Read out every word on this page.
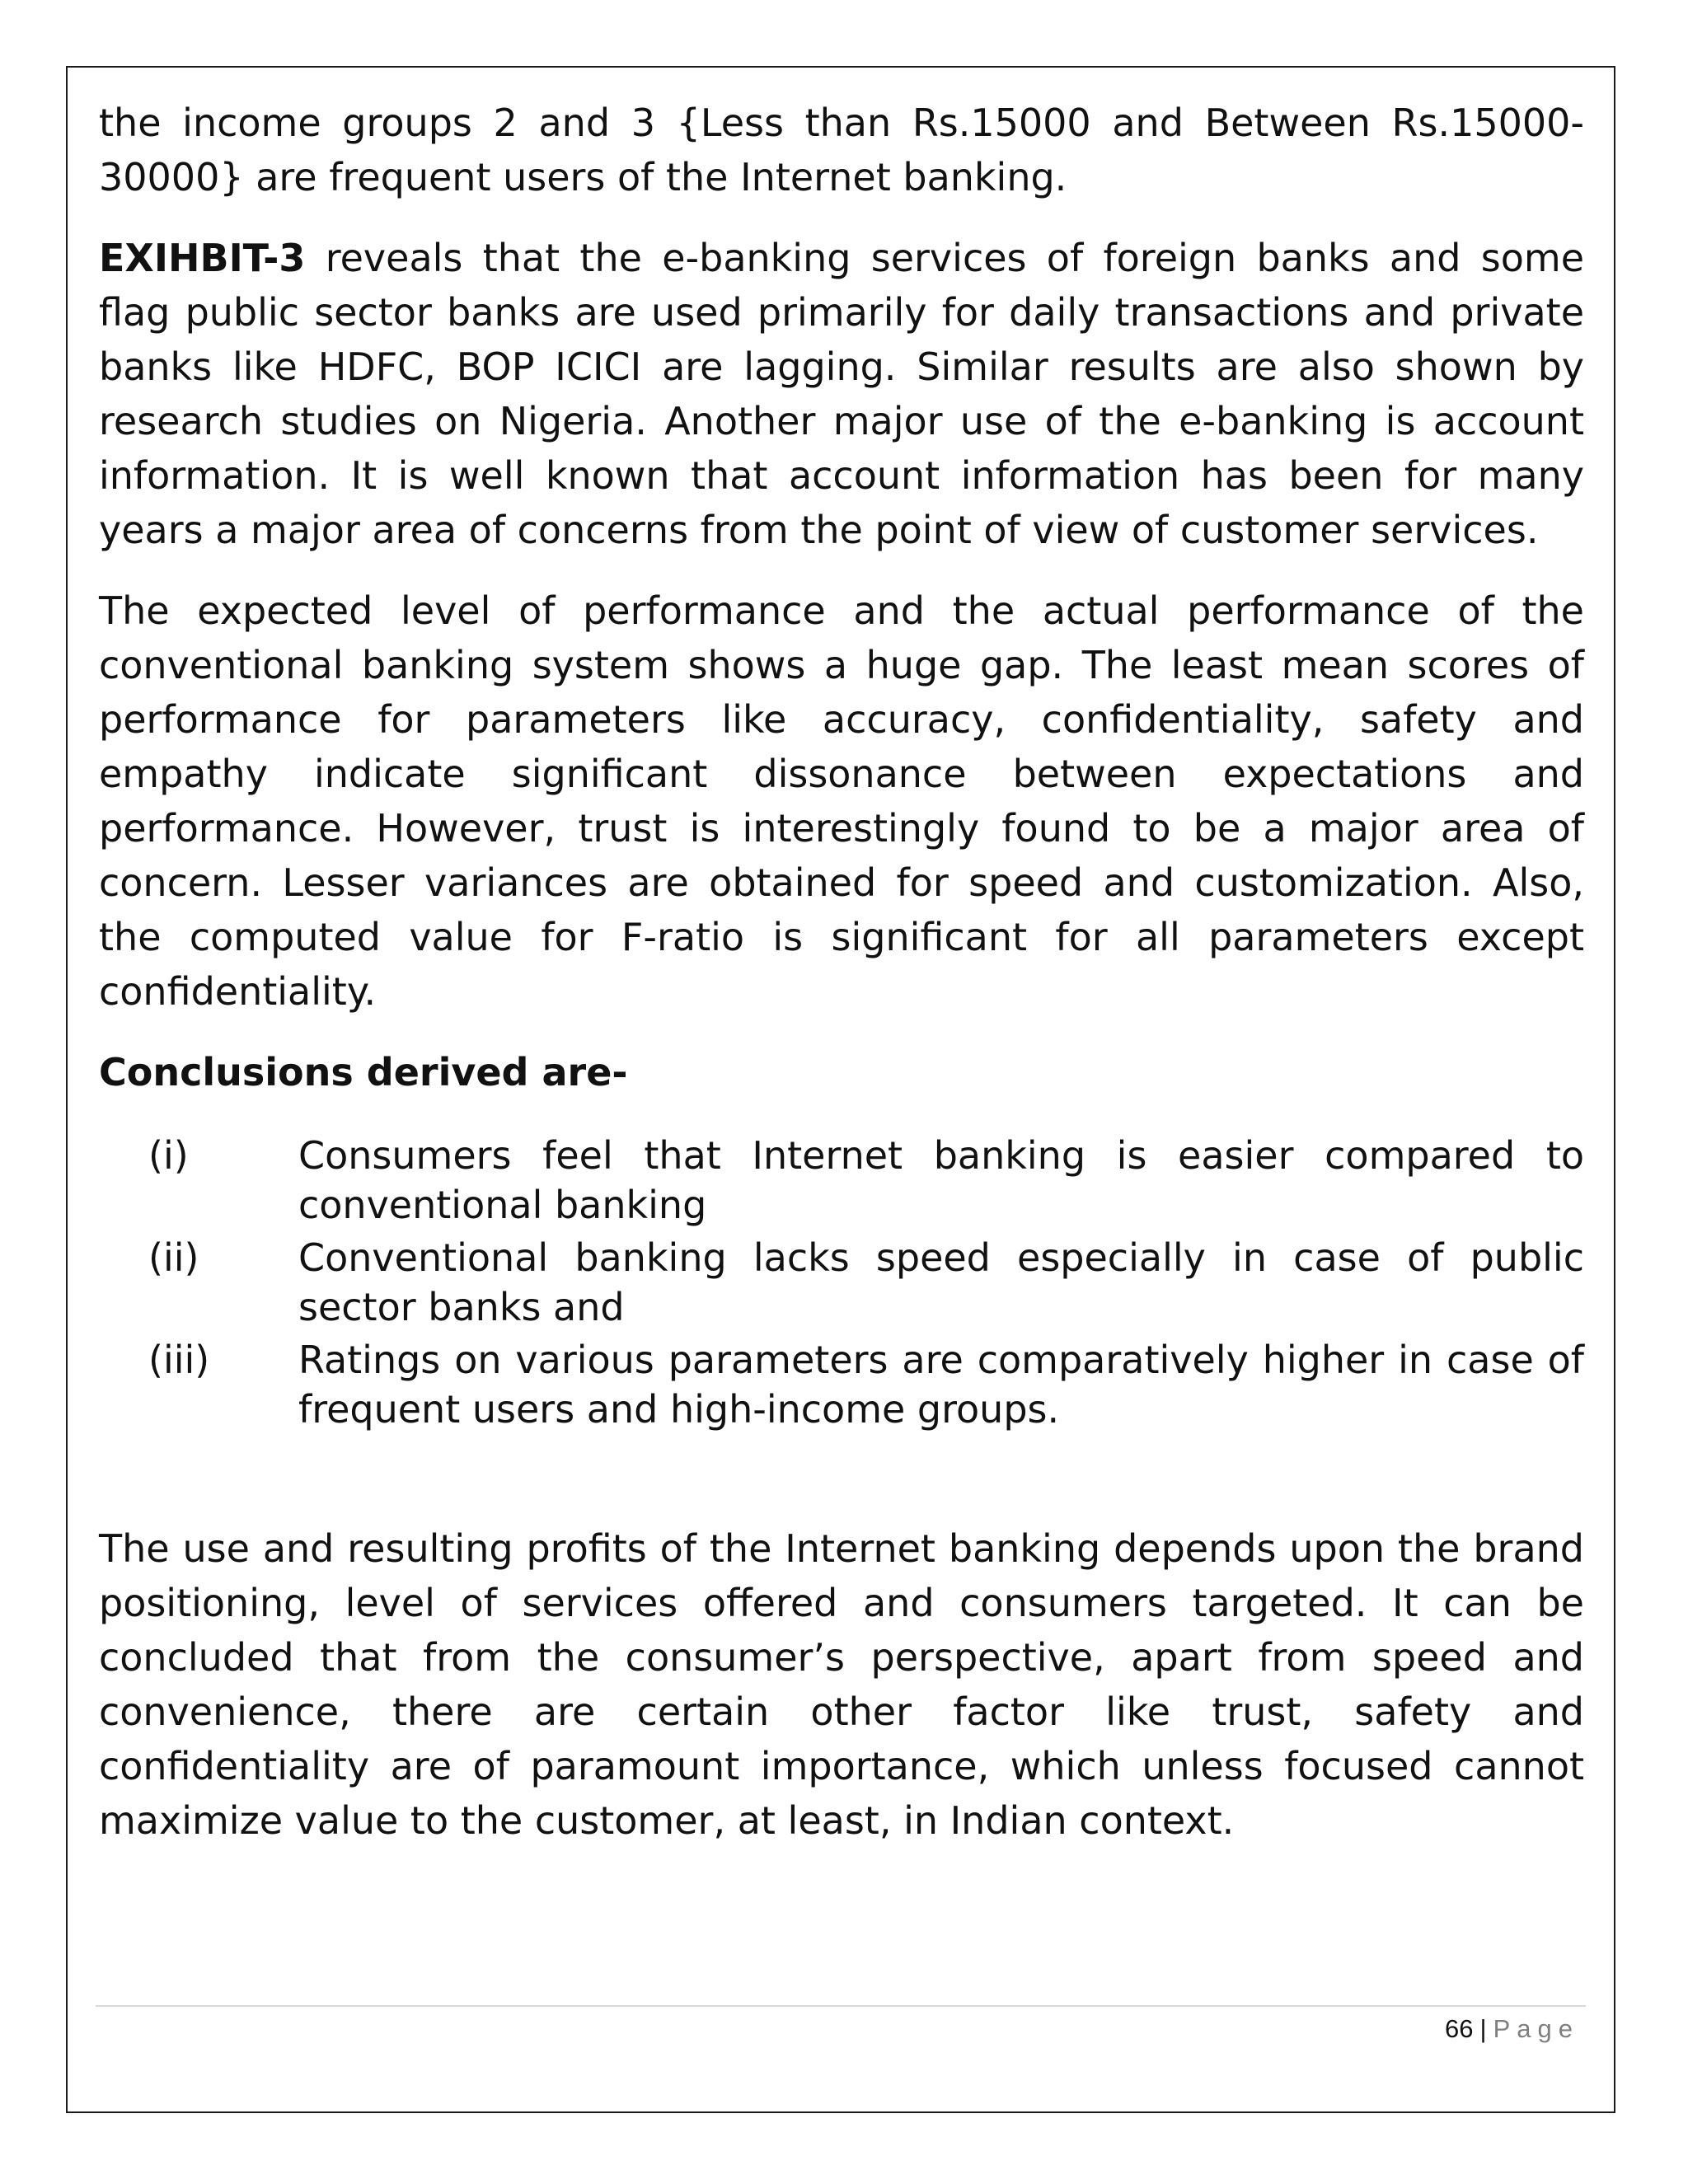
the income groups 2 and 3 {Less than Rs.15000 and Between Rs.15000-30000} are frequent users of the Internet banking.

EXIHBIT-3 reveals that the e-banking services of foreign banks and some flag public sector banks are used primarily for daily transactions and private banks like HDFC, BOP ICICI are lagging. Similar results are also shown by research studies on Nigeria. Another major use of the e-banking is account information. It is well known that account information has been for many years a major area of concerns from the point of view of customer services.

The expected level of performance and the actual performance of the conventional banking system shows a huge gap. The least mean scores of performance for parameters like accuracy, confidentiality, safety and empathy indicate significant dissonance between expectations and performance. However, trust is interestingly found to be a major area of concern. Lesser variances are obtained for speed and customization. Also, the computed value for F-ratio is significant for all parameters except confidentiality.

Conclusions derived are-
(i)	Consumers feel that Internet banking is easier compared to conventional banking
(ii)	Conventional banking lacks speed especially in case of public sector banks and
(iii)	Ratings on various parameters are comparatively higher in case of frequent users and high-income groups.

The use and resulting profits of the Internet banking depends upon the brand positioning, level of services offered and consumers targeted. It can be concluded that from the consumer’s perspective, apart from speed and convenience, there are certain other factor like trust, safety and confidentiality are of paramount importance, which unless focused cannot maximize value to the customer, at least, in Indian context.

66 | Page
